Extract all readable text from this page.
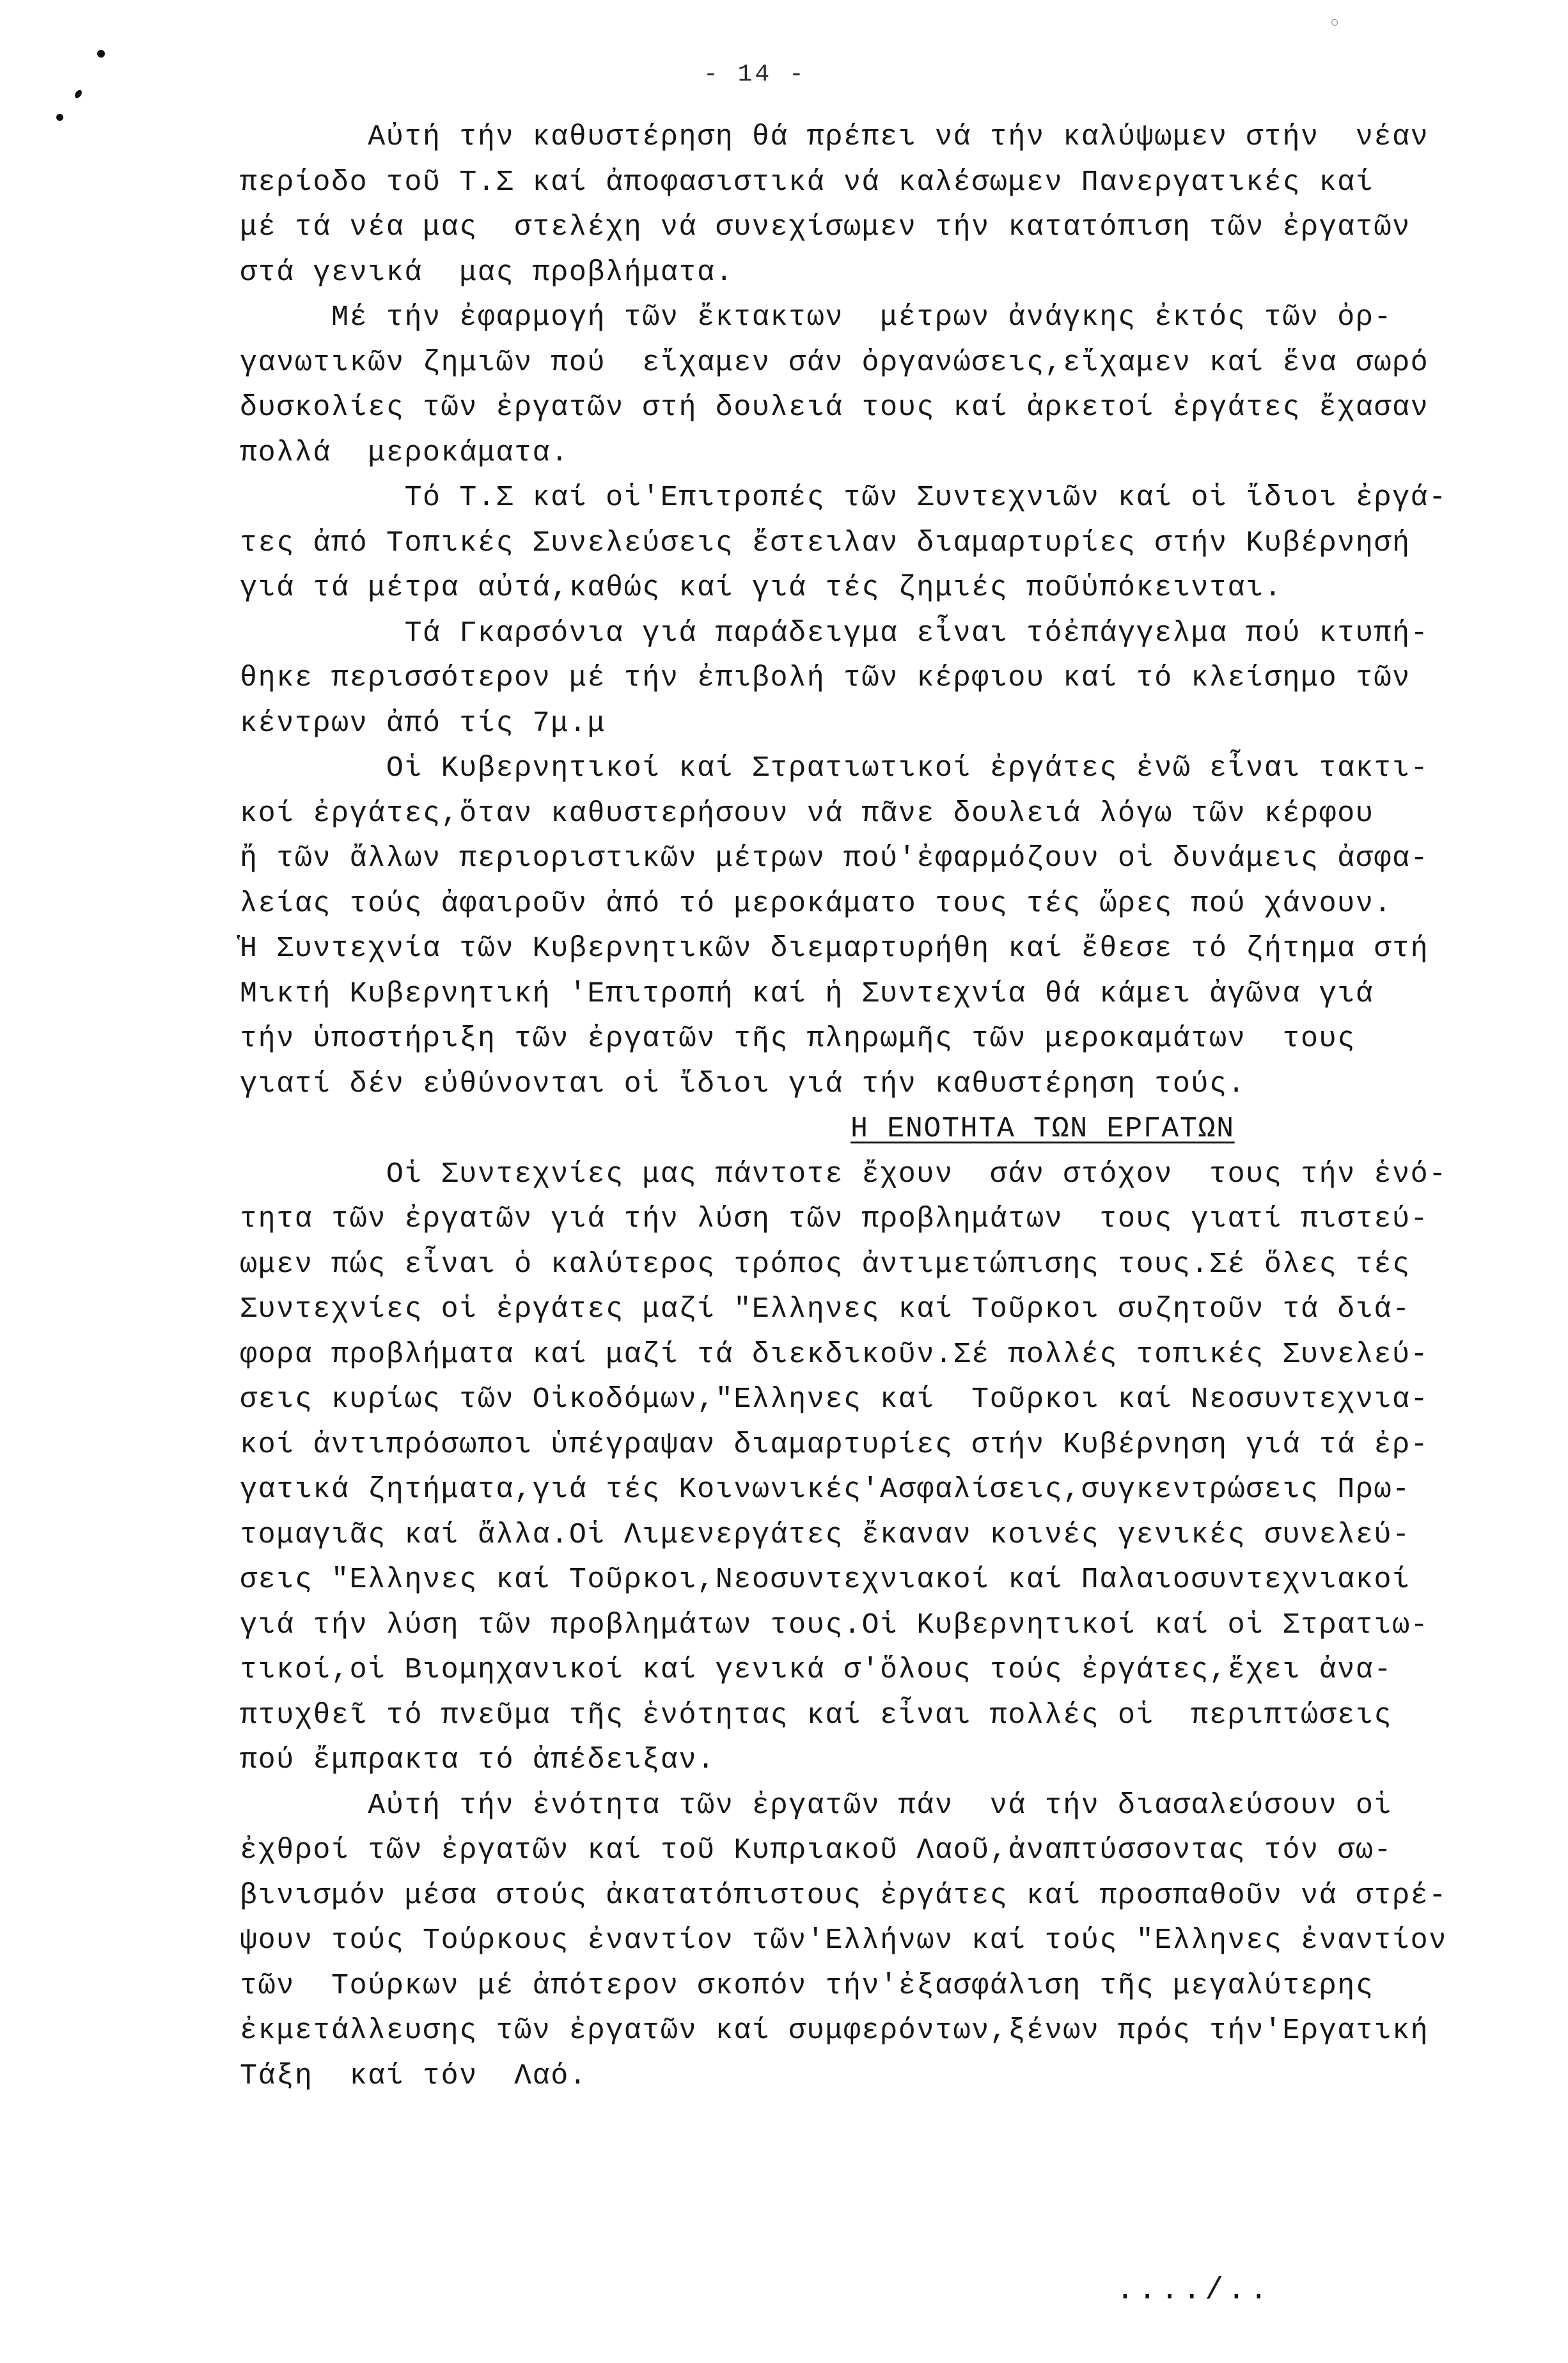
- 14 -
Αὐτή τήν καθυστέρηση θά πρέπει νά τήν καλύψωμεν στήν  νέαν
περίοδο τοῦ Τ.Σ καί ἀποφασιστικά νά καλέσωμεν Πανεργατικές καί
μέ τά νέα μας  στελέχη νά συνεχίσωμεν τήν κατατόπιση τῶν ἐργατῶν
στά γενικά  μας προβλήματα.
Μέ τήν ἐφαρμογή τῶν ἔκτακτων  μέτρων ἀνάγκης ἐκτός τῶν ὀρ-
γανωτικῶν ζημιῶν πού  εἴχαμεν σάν ὀργανώσεις,εἴχαμεν καί ἕνα σωρό
δυσκολίες τῶν ἐργατῶν στή δουλειά τους καί ἀρκετοί ἐργάτες ἔχασαν
πολλά  μεροκάματα.
Τό Τ.Σ καί οἱ'Επιτροπές τῶν Συντεχνιῶν καί οἱ ἴδιοι ἐργά-
τες ἀπό Τοπικές Συνελεύσεις ἔστειλαν διαμαρτυρίες στήν Κυβέρνησή
γιά τά μέτρα αὐτά,καθώς καί γιά τές ζημιές ποῦὑπόκεινται.
Τά Γκαρσόνια γιά παράδειγμα εἶναι τόἐπάγγελμα πού κτυπή-
θηκε περισσότερον μέ τήν ἐπιβολή τῶν κέρφιου καί τό κλείσημο τῶν
κέντρων ἀπό τίς 7μ.μ
Οἱ Κυβερνητικοί καί Στρατιωτικοί ἐργάτες ἐνῶ εἶναι τακτι-
κοί ἐργάτες,ὅταν καθυστερήσουν νά πᾶνε δουλειά λόγω τῶν κέρφου
ἤ τῶν ἄλλων περιοριστικῶν μέτρων πού'ἐφαρμόζουν οἱ δυνάμεις ἀσφα-
λείας τούς ἀφαιροῦν ἀπό τό μεροκάματο τους τές ὥρες πού χάνουν.
Ἡ Συντεχνία τῶν Κυβερνητικῶν διεμαρτυρήθη καί ἔθεσε τό ζήτημα στή
Μικτή Κυβερνητική 'Επιτροπή καί ἡ Συντεχνία θά κάμει ἀγῶνα γιά
τήν ὑποστήριξη τῶν ἐργατῶν τῆς πληρωμῆς τῶν μεροκαμάτων  τους
γιατί δέν εὐθύνονται οἱ ἴδιοι γιά τήν καθυστέρηση τούς.
Η ΕΝΟΤΗΤΑ ΤΩΝ ΕΡΓΑΤΩΝ
Οἱ Συντεχνίες μας πάντοτε ἔχουν  σάν στόχον  τους τήν ἑνό-
τητα τῶν ἐργατῶν γιά τήν λύση τῶν προβλημάτων  τους γιατί πιστεύ-
ωμεν πώς εἶναι ὁ καλύτερος τρόπος ἀντιμετώπισης τους.Σέ ὅλες τές
Συντεχνίες οἱ ἐργάτες μαζί "Ελληνες καί Τοῦρκοι συζητοῦν τά διά-
φορα προβλήματα καί μαζί τά διεκδικοῦν.Σέ πολλές τοπικές Συνελεύ-
σεις κυρίως τῶν Οἰκοδόμων,"Ελληνες καί  Τοῦρκοι καί Νεοσυντεχνια-
κοί ἀντιπρόσωποι ὑπέγραψαν διαμαρτυρίες στήν Κυβέρνηση γιά τά ἐρ-
γατικά ζητήματα,γιά τές Κοινωνικές'Ασφαλίσεις,συγκεντρώσεις Πρω-
τομαγιᾶς καί ἄλλα.Οἱ Λιμενεργάτες ἔκαναν κοινές γενικές συνελεύ-
σεις "Ελληνες καί Τοῦρκοι,Νεοσυντεχνιακοί καί Παλαιοσυντεχνιακοί
γιά τήν λύση τῶν προβλημάτων τους.Οἱ Κυβερνητικοί καί οἱ Στρατιω-
τικοί,οἱ Βιομηχανικοί καί γενικά σ'ὅλους τούς ἐργάτες,ἔχει ἀνα-
πτυχθεῖ τό πνεῦμα τῆς ἑνότητας καί εἶναι πολλές οἱ  περιπτώσεις
πού ἔμπρακτα τό ἀπέδειξαν.
Αὐτή τήν ἑνότητα τῶν ἐργατῶν πάν  νά τήν διασαλεύσουν οἱ
ἐχθροί τῶν ἐργατῶν καί τοῦ Κυπριακοῦ Λαοῦ,ἀναπτύσσοντας τόν σω-
βινισμόν μέσα στούς ἀκατατόπιστους ἐργάτες καί προσπαθοῦν νά στρέ-
ψουν τούς Τούρκους ἐναντίον τῶν'Ελλήνων καί τούς "Ελληνες ἐναντίον
τῶν  Τούρκων μέ ἀπότερον σκοπόν τήν'ἐξασφάλιση τῆς μεγαλύτερης
ἐκμετάλλευσης τῶν ἐργατῶν καί συμφερόντων,ξένων πρός τήν'Εργατική
Τάξη  καί τόν  Λαό.
..../..
